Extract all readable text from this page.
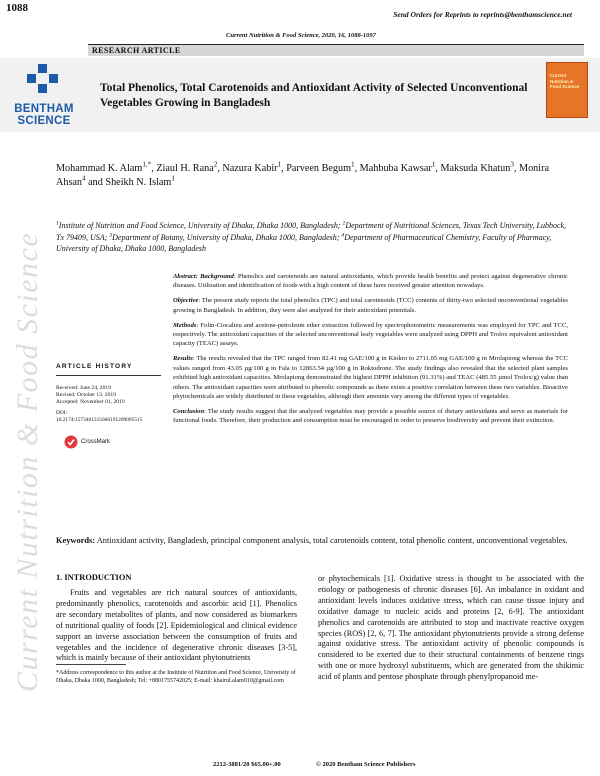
1088
Send Orders for Reprints to reprints@benthamscience.net
Current Nutrition & Food Science, 2020, 16, 1088-1097
RESEARCH ARTICLE
BENTHAM
SCIENCE
Total Phenolics, Total Carotenoids and Antioxidant Activity of Selected Unconventional Vegetables Growing in Bangladesh
Current
Nutrition & Food Science
Current Nutrition & Food Science
Mohammad K. Alam$^{1,*}$, Ziaul H. Rana$^2$, Nazura Kabir$^1$, Parveen Begum$^1$, Mahbuba Kawsar$^1$, Maksuda Khatun$^3$, Monira Ahsan$^4$ and Sheikh N. Islam$^1$
$^1$Institute of Nutrition and Food Science, University of Dhaka, Dhaka 1000, Bangladesh; $^2$Department of Nutritional Sciences, Texas Tech University, Lubbock, Tx 79409, USA; $^3$Department of Botany, University of Dhaka, Dhaka 1000, Bangladesh; $^4$Department of Pharmaceutical Chemistry, Faculty of Pharmacy, University of Dhaka, Dhaka 1000, Bangladesh

Abstract: Background: Phenolics and carotenoids are natural antioxidants, which provide health benefits and protect against degenerative chronic diseases. Utilization and identification of foods with a high content of these have received greater attention nowadays.

Objective: The present study reports the total phenolics (TPC) and total carotenoids (TCC) contents of thirty-two selected unconventional vegetables growing in Bangladesh. In addition, they were also analyzed for their antioxidant potentials.

Methods: Folin-Ciocalteu and acetone-petroleum ether extraction followed by spectrophotometric measurements was employed for TPC and TCC, respectively. The antioxidant capacities of the selected unconventional leafy vegetables were analyzed using DPPH and Trolox equivalent antioxidant capacity (TEAC) assays.

Results: The results revealed that the TPC ranged from 82.41 mg GAE/100 g in Kiokro to 2711.05 mg GAE/100 g in Mrolapiong whereas the TCC values ranged from 43.05 µg/100 g in Fala to 12863.54 µg/100 g in Roktodrone. The study findings also revealed that the selected plant samples exhibited high antioxidant capacities. Mrolapiong demonstrated the highest DPPH inhibition (91.31%) and TEAC (485.55 µmol Trolox/g) value than others. The antioxidant capacities were attributed to phenolic compounds as there exists a positive correlation between these two variables. Bioactive phytochemicals are widely distributed in these vegetables, although their amounts vary among the different types of vegetables.

Conclusion: The study results suggest that the analyzed vegetables may provide a possible source of dietary antioxidants and serve as materials for functional foods. Therefore, their production and consumption must be encouraged in order to preserve biodiversity and prevent their extinction.

ARTICLE HISTORY
Received: June 24, 2019
Revised: October 13, 2019
Accepted: November 01, 2019
DOI:
10.2174/1573401315666191209095515
CrossMark
Keywords: Antioxidant activity, Bangladesh, principal component analysis, total carotenoids content, total phenolic content, unconventional vegetables.
1. INTRODUCTION
Fruits and vegetables are rich natural sources of antioxidants, predominantly phenolics, carotenoids and ascorbic acid [1]. Phenolics are secondary metabolites of plants, and now considered as biomarkers of nutritional quality of foods [2]. Epidemiological and clinical evidence support an inverse association between the consumption of fruits and vegetables and the incidence of degenerative chronic diseases [3-5], which is mainly because of their antioxidant phytonutrients
or phytochemicals [1]. Oxidative stress is thought to be associated with the etiology or pathogenesis of chronic diseases [6]. An imbalance in oxidant and antioxidant levels induces oxidative stress, which can cause tissue injury and oxidative damage to nucleic acids and proteins [2, 6-9]. The antioxidant phenolics and carotenoids are attributed to stop and inactivate reactive oxygen species (ROS) [2, 6, 7]. The antioxidant phytonutrients provide a strong defense against oxidative stress. The antioxidant activity of phenolic compounds is considered to be exerted due to their structural containments of benzene rings with one or more hydroxyl substituents, which are generated from the shikimic acid of plants and pentose phosphate through phenylpropanoid me-
*Address correspondence to this author at the Institute of Nutrition and Food Science, University of Dhaka, Dhaka 1000, Bangladesh; Tel: +8801755742025; E-mail: khairul.alam010@gmail.com
2212-3881/20 $65.00+.00	© 2020 Bentham Science Publishers
